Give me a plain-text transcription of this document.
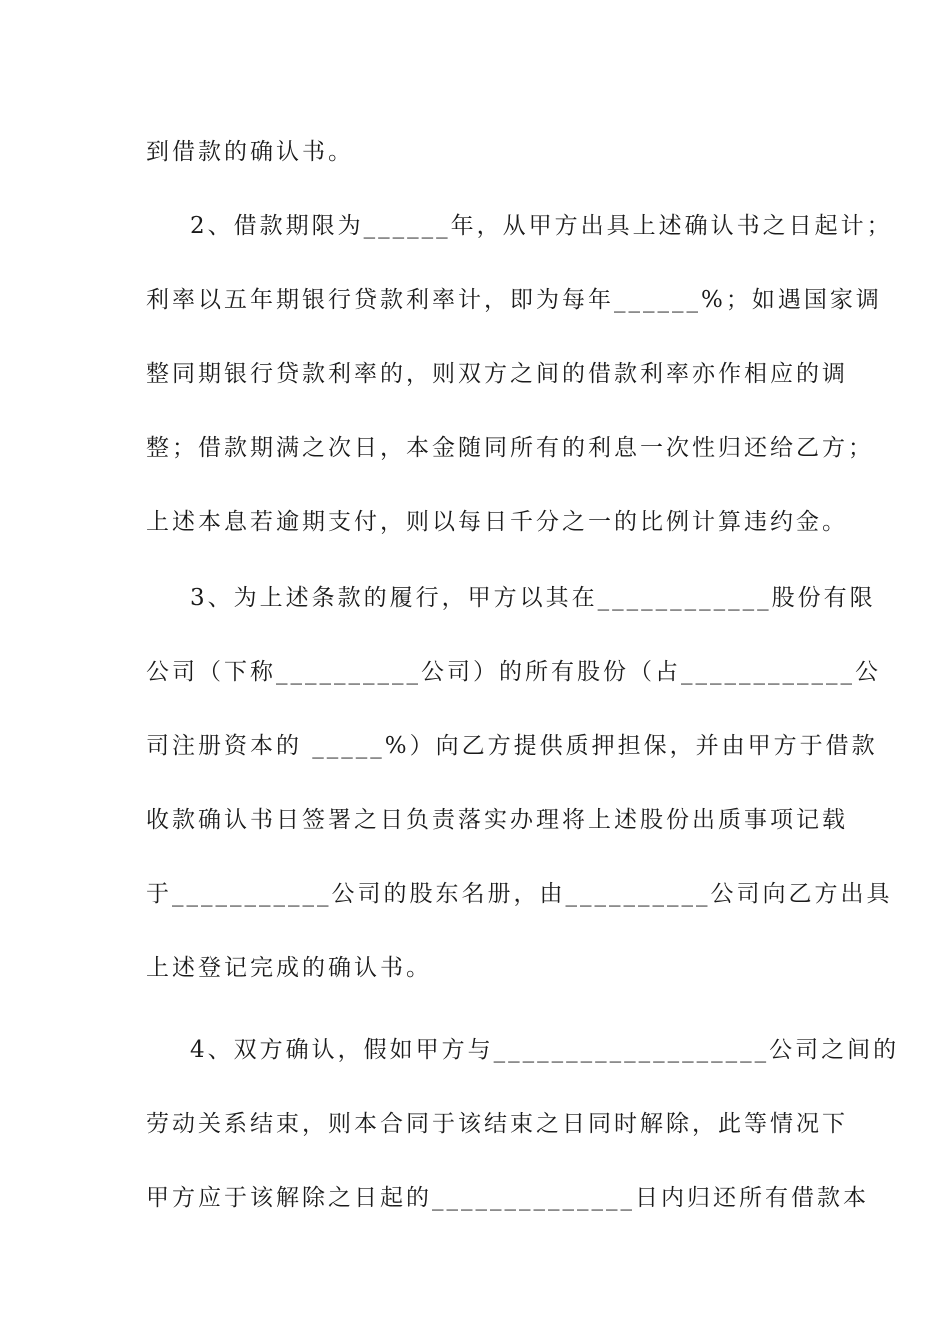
到借款的确认书。
2、借款期限为______年，从甲方出具上述确认书之日起计；
利率以五年期银行贷款利率计，即为每年______%；如遇国家调
整同期银行贷款利率的，则双方之间的借款利率亦作相应的调
整；借款期满之次日，本金随同所有的利息一次性归还给乙方；
上述本息若逾期支付，则以每日千分之一的比例计算违约金。
3、为上述条款的履行，甲方以其在____________股份有限
公司（下称__________公司）的所有股份（占____________公
司注册资本的 _____%）向乙方提供质押担保，并由甲方于借款
收款确认书日签署之日负责落实办理将上述股份出质事项记载
于___________公司的股东名册，由__________公司向乙方出具
上述登记完成的确认书。
4、双方确认，假如甲方与___________________公司之间的
劳动关系结束，则本合同于该结束之日同时解除，此等情况下
甲方应于该解除之日起的______________日内归还所有借款本
